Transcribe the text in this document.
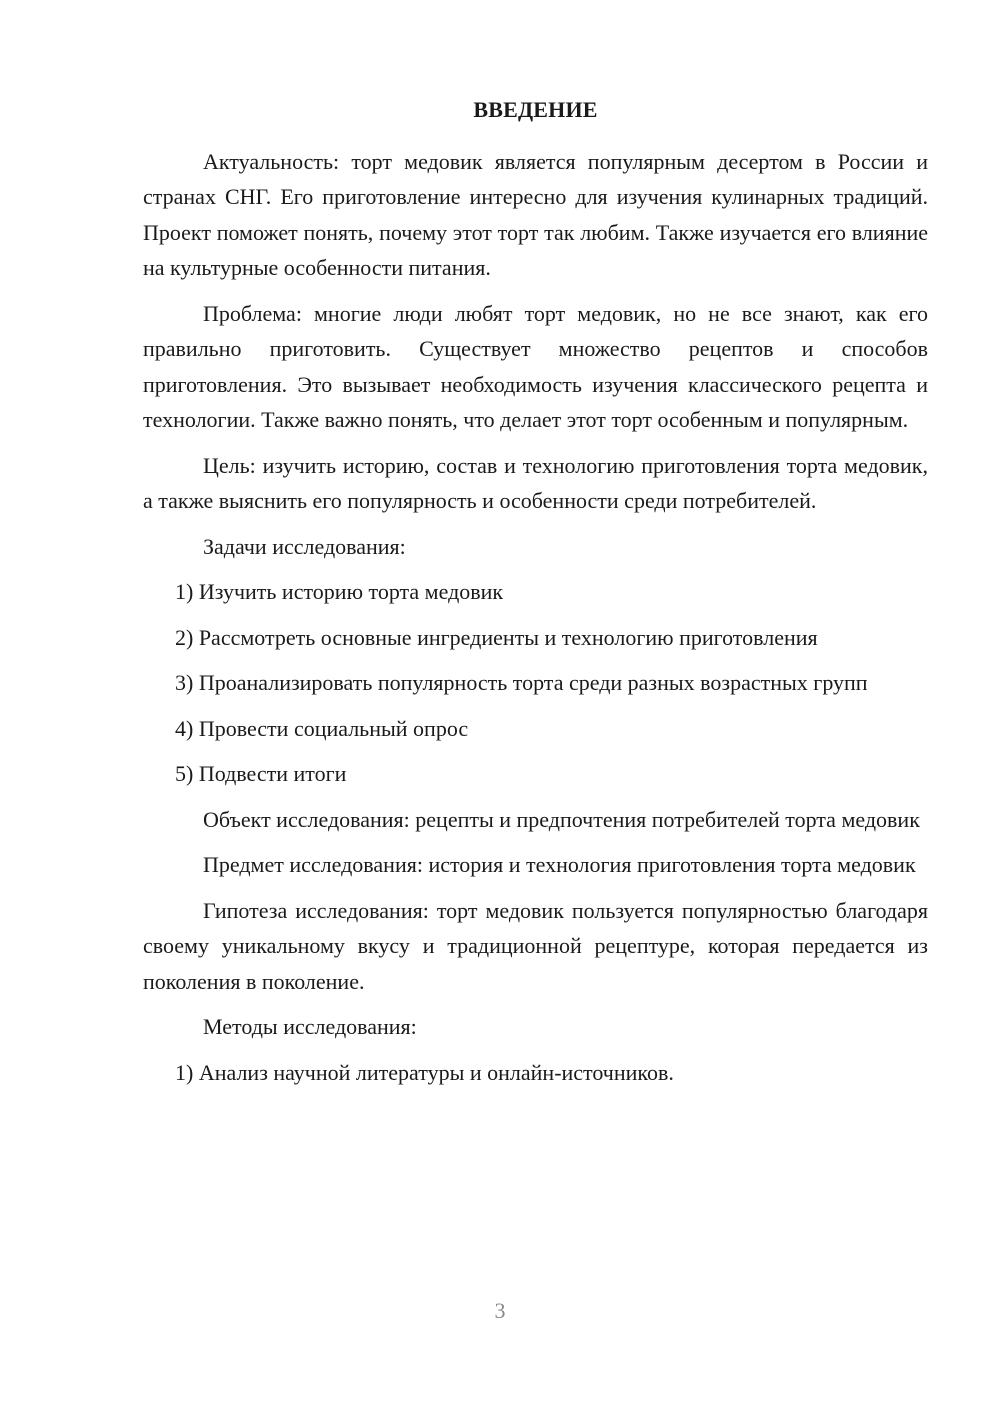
ВВЕДЕНИЕ

Актуальность: торт медовик является популярным десертом в России и странах СНГ. Его приготовление интересно для изучения кулинарных традиций. Проект поможет понять, почему этот торт так любим. Также изучается его влияние на культурные особенности питания.

Проблема: многие люди любят торт медовик, но не все знают, как его правильно приготовить. Существует множество рецептов и способов приготовления. Это вызывает необходимость изучения классического рецепта и технологии. Также важно понять, что делает этот торт особенным и популярным.

Цель: изучить историю, состав и технологию приготовления торта медовик, а также выяснить его популярность и особенности среди потребителей.

Задачи исследования:

1) Изучить историю торта медовик

2) Рассмотреть основные ингредиенты и технологию приготовления

3) Проанализировать популярность торта среди разных возрастных групп

4) Провести социальный опрос

5) Подвести итоги

Объект исследования: рецепты и предпочтения потребителей торта медовик

Предмет исследования: история и технология приготовления торта медовик

Гипотеза исследования: торт медовик пользуется популярностью благодаря своему уникальному вкусу и традиционной рецептуре, которая передается из поколения в поколение.

Методы исследования:

1) Анализ научной литературы и онлайн-источников.

3
